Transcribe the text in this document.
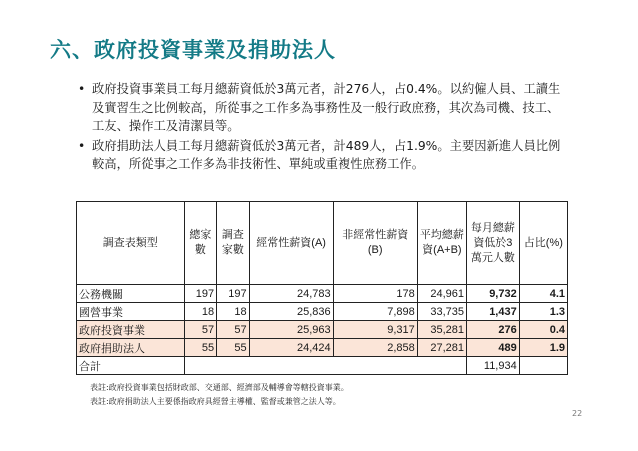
六、政府投資事業及捐助法人
• 政府投資事業員工每月總薪資低於3萬元者，計276人，占0.4%。以約僱人員、工讀生及實習生之比例較高，所從事之工作多為事務性及一般行政庶務，其次為司機、技工、工友、操作工及清潔員等。
• 政府捐助法人員工每月總薪資低於3萬元者，計489人，占1.9%。主要因新進人員比例較高，所從事之工作多為非技術性、單純或重複性庶務工作。
調查表類型	總家數	調查家數	經常性薪資(A)	非經常性薪資(B)	平均總薪資(A+B)	每月總薪資低於3萬元人數	占比(%)
公務機關	197	197	24,783	178	24,961	9,732	4.1
國營事業	18	18	25,836	7,898	33,735	1,437	1.3
政府投資事業	57	57	25,963	9,317	35,281	276	0.4
政府捐助法人	55	55	24,424	2,858	27,281	489	1.9
合計						11,934	
表註:政府投資事業包括財政部、交通部、經濟部及輔導會等轄投資事業。
表註:政府捐助法人主要係指政府具經營主導權、監督或兼管之法人等。
22
